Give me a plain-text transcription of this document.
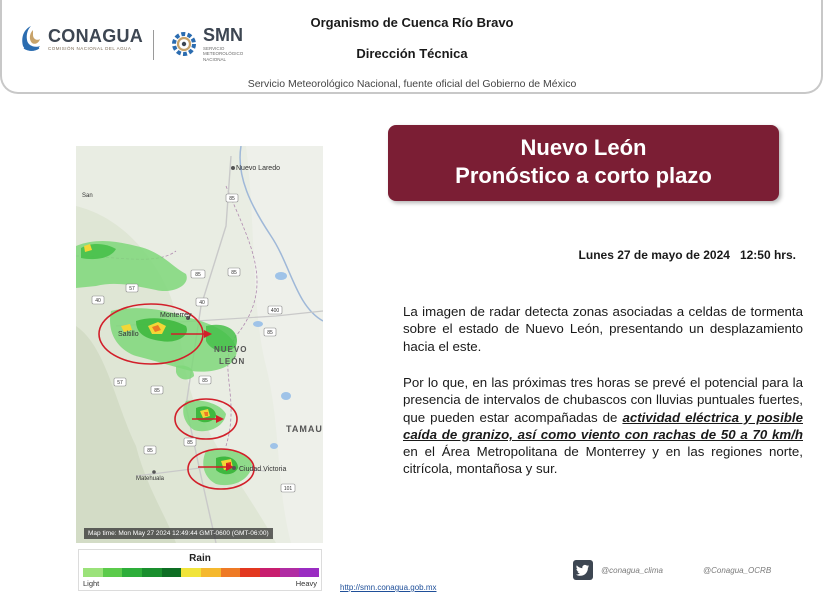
CONAGUA
COMISIÓN NACIONAL DEL AGUA
SMN
SERVICIO METEOROLÓGICO NACIONAL
Organismo de Cuenca Río Bravo
Dirección Técnica
Servicio Meteorológico Nacional, fuente oficial del Gobierno de México
85
85
85
57
400
85
57
85
85
85
40
40
85
101
Nuevo Laredo
San
Monterrey
Saltillo
NUEVO
LEÓN
TAMAU
Matehuala
Ciudad Victoria
Map time: Mon May 27 2024 12:49:44 GMT-0600 (GMT-06:00)
Rain
Light	Heavy
Nuevo León
Pronóstico a corto plazo
Lunes 27 de mayo de 2024   12:50 hrs.
La imagen de radar detecta zonas asociadas a celdas de tormenta sobre el estado de Nuevo León, presentando un desplazamiento hacia el este.
Por lo que, en las próximas tres horas se prevé el potencial para la presencia de intervalos de chubascos con lluvias puntuales fuertes, que pueden estar acompañadas de actividad eléctrica y posible caída de granizo, así como viento con rachas de 50 a 70 km/h en el Área Metropolitana de Monterrey y en las regiones norte, citrícola, montañosa y sur.
http://smn.conagua.gob.mx
@conagua_clima	@Conagua_OCRB
